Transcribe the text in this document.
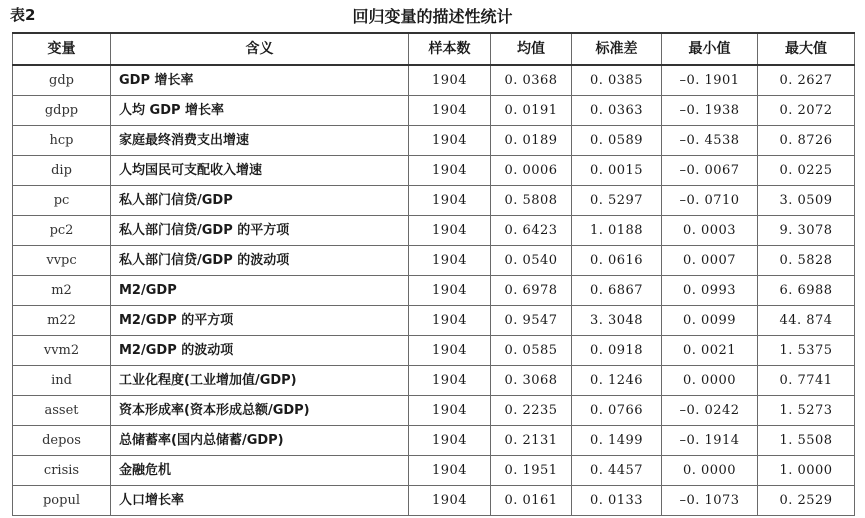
表2	回归变量的描述性统计
变量	含义	样本数	均值	标准差	最小值	最大值
gdp	GDP 增长率	1904	0. 0368	0. 0385	–0. 1901	0. 2627
gdpp	人均 GDP 增长率	1904	0. 0191	0. 0363	–0. 1938	0. 2072
hcp	家庭最终消费支出增速	1904	0. 0189	0. 0589	–0. 4538	0. 8726
dip	人均国民可支配收入增速	1904	0. 0006	0. 0015	–0. 0067	0. 0225
pc	私人部门信贷/GDP	1904	0. 5808	0. 5297	–0. 0710	3. 0509
pc2	私人部门信贷/GDP 的平方项	1904	0. 6423	1. 0188	0. 0003	9. 3078
vvpc	私人部门信贷/GDP 的波动项	1904	0. 0540	0. 0616	0. 0007	0. 5828
m2	M2/GDP	1904	0. 6978	0. 6867	0. 0993	6. 6988
m22	M2/GDP 的平方项	1904	0. 9547	3. 3048	0. 0099	44. 874
vvm2	M2/GDP 的波动项	1904	0. 0585	0. 0918	0. 0021	1. 5375
ind	工业化程度(工业增加值/GDP)	1904	0. 3068	0. 1246	0. 0000	0. 7741
asset	资本形成率(资本形成总额/GDP)	1904	0. 2235	0. 0766	–0. 0242	1. 5273
depos	总储蓄率(国内总储蓄/GDP)	1904	0. 2131	0. 1499	–0. 1914	1. 5508
crisis	金融危机	1904	0. 1951	0. 4457	0. 0000	1. 0000
popul	人口增长率	1904	0. 0161	0. 0133	–0. 1073	0. 2529
